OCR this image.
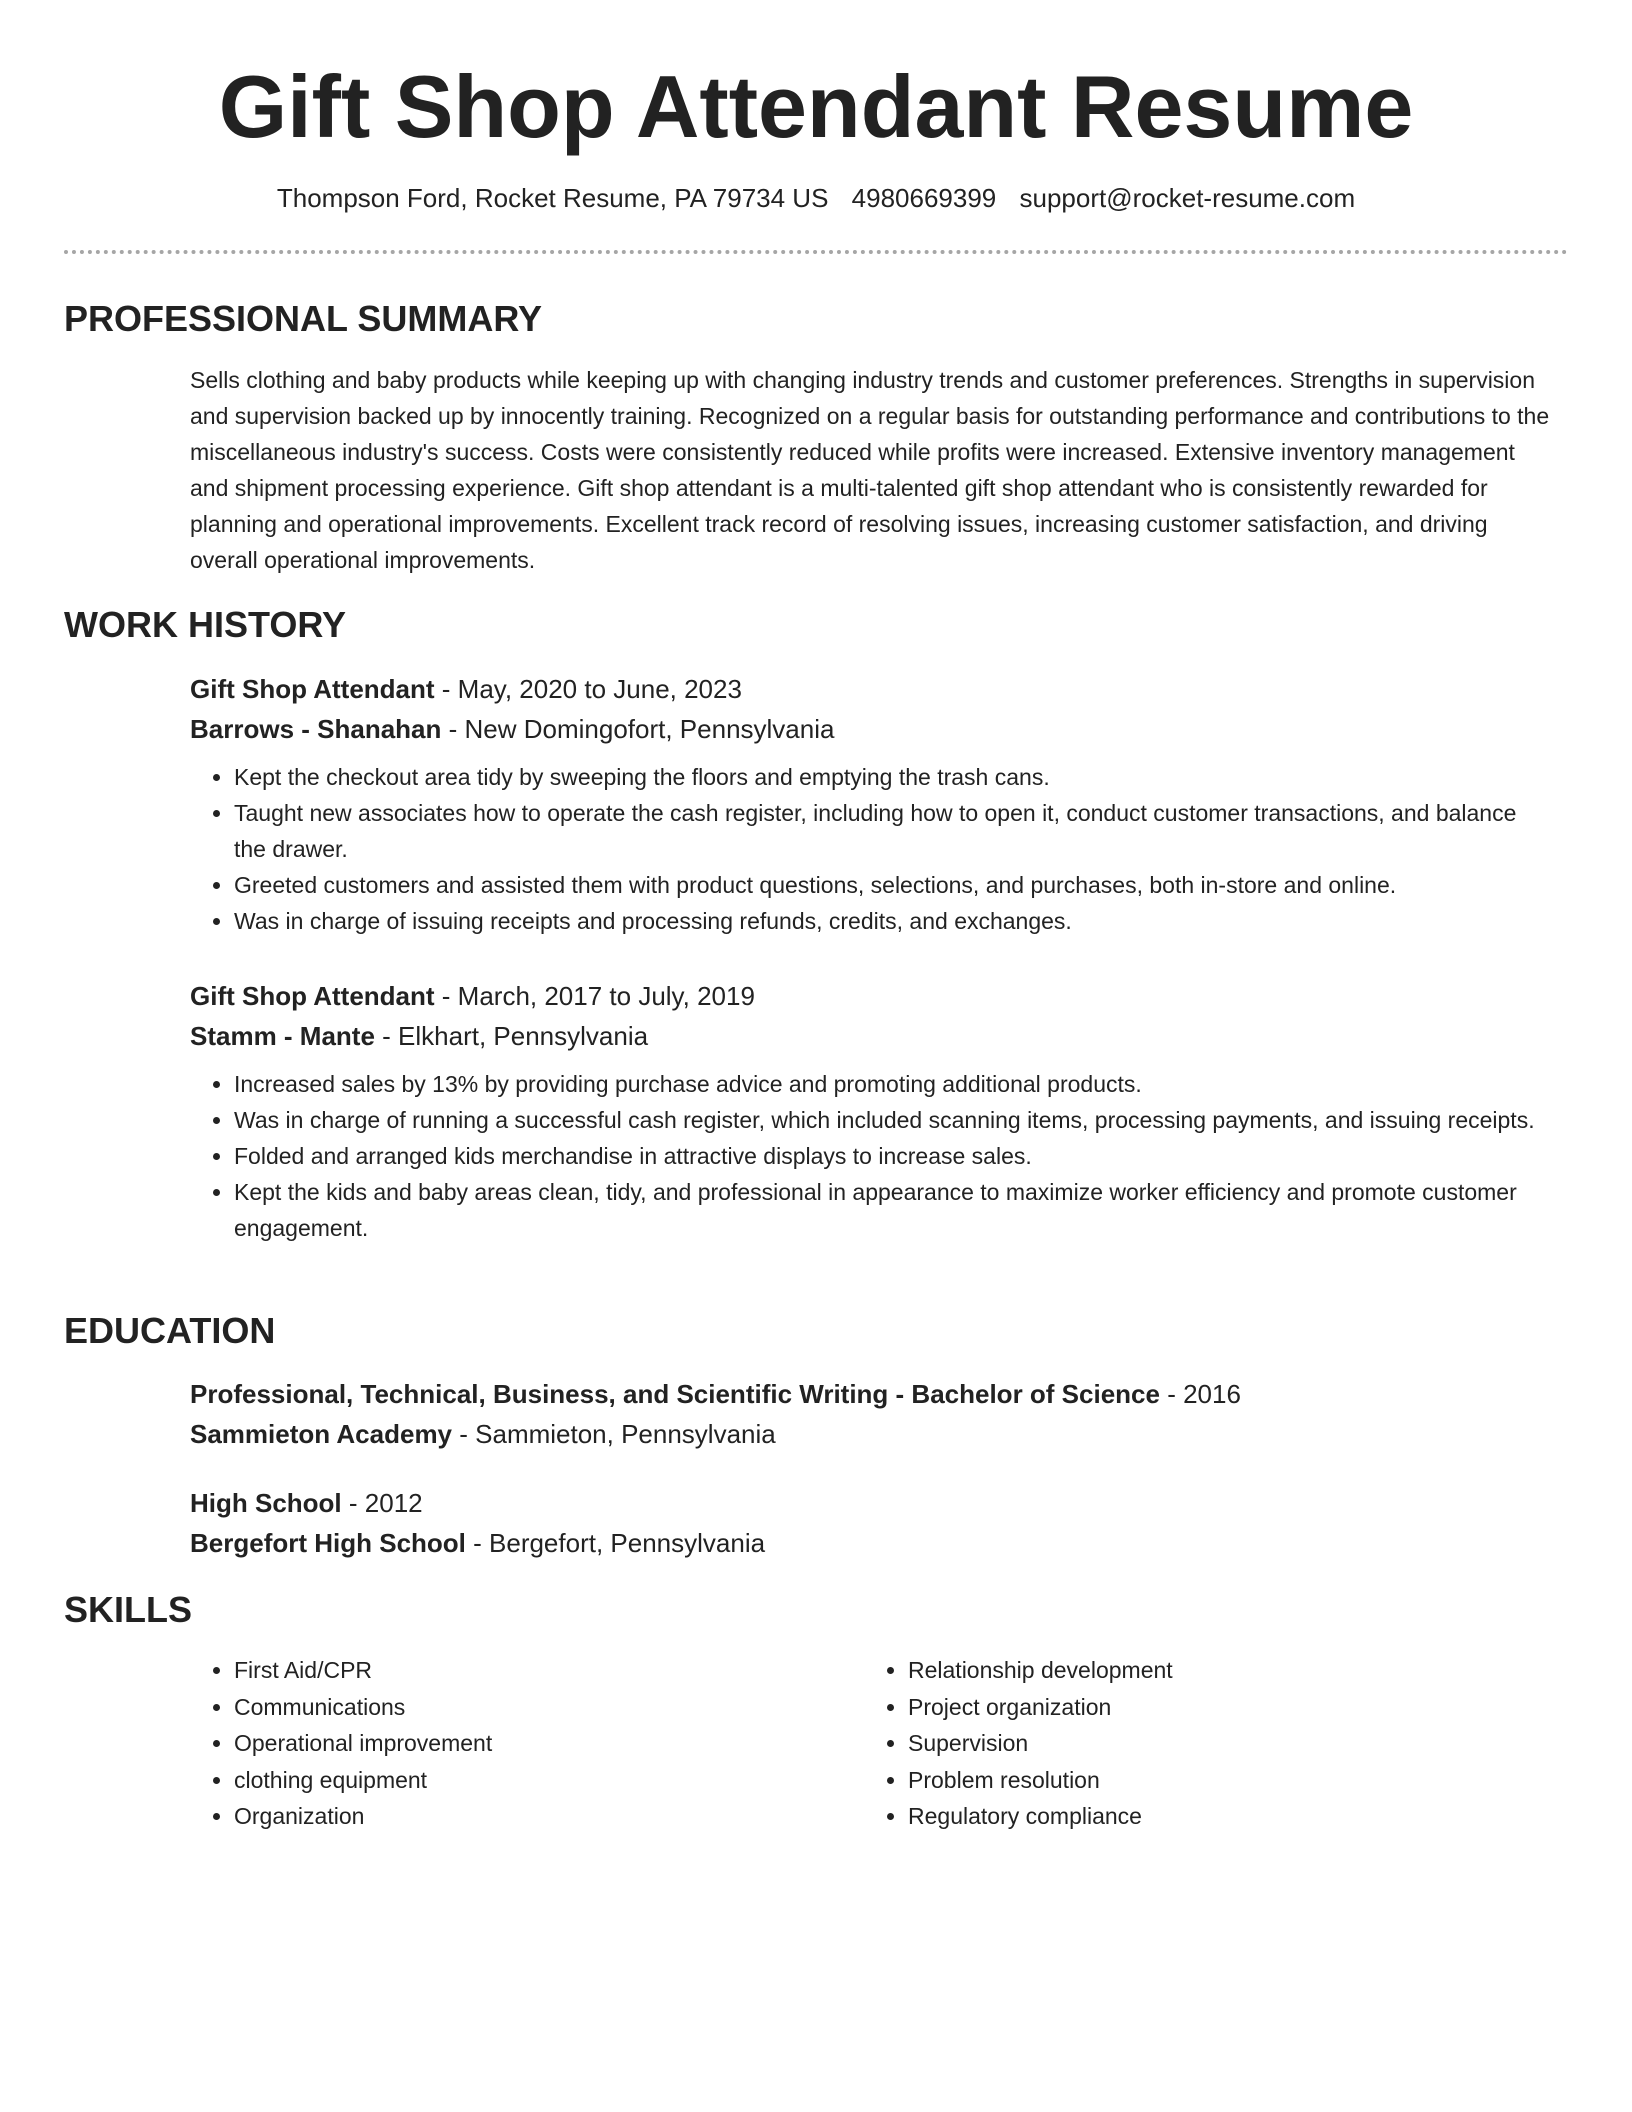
Gift Shop Attendant Resume
Thompson Ford, Rocket Resume, PA 79734 US 4980669399 support@rocket-resume.com
PROFESSIONAL SUMMARY

Sells clothing and baby products while keeping up with changing industry trends and customer preferences. Strengths in supervision and supervision backed up by innocently training. Recognized on a regular basis for outstanding performance and contributions to the miscellaneous industry's success. Costs were consistently reduced while profits were increased. Extensive inventory management and shipment processing experience. Gift shop attendant is a multi-talented gift shop attendant who is consistently rewarded for planning and operational improvements. Excellent track record of resolving issues, increasing customer satisfaction, and driving overall operational improvements.

WORK HISTORY

Gift Shop Attendant - May, 2020 to June, 2023

Barrows - Shanahan - New Domingofort, Pennsylvania

• Kept the checkout area tidy by sweeping the floors and emptying the trash cans.
• Taught new associates how to operate the cash register, including how to open it, conduct customer transactions, and balance the drawer.
• Greeted customers and assisted them with product questions, selections, and purchases, both in-store and online.
• Was in charge of issuing receipts and processing refunds, credits, and exchanges.

Gift Shop Attendant - March, 2017 to July, 2019

Stamm - Mante - Elkhart, Pennsylvania

• Increased sales by 13% by providing purchase advice and promoting additional products.
• Was in charge of running a successful cash register, which included scanning items, processing payments, and issuing receipts.
• Folded and arranged kids merchandise in attractive displays to increase sales.
• Kept the kids and baby areas clean, tidy, and professional in appearance to maximize worker efficiency and promote customer engagement.
EDUCATION

Professional, Technical, Business, and Scientific Writing - Bachelor of Science - 2016

Sammieton Academy - Sammieton, Pennsylvania

High School - 2012

Bergefort High School - Bergefort, Pennsylvania

SKILLS
• First Aid/CPR
• Communications
• Operational improvement
• clothing equipment
• Organization
• Relationship development
• Project organization
• Supervision
• Problem resolution
• Regulatory compliance
